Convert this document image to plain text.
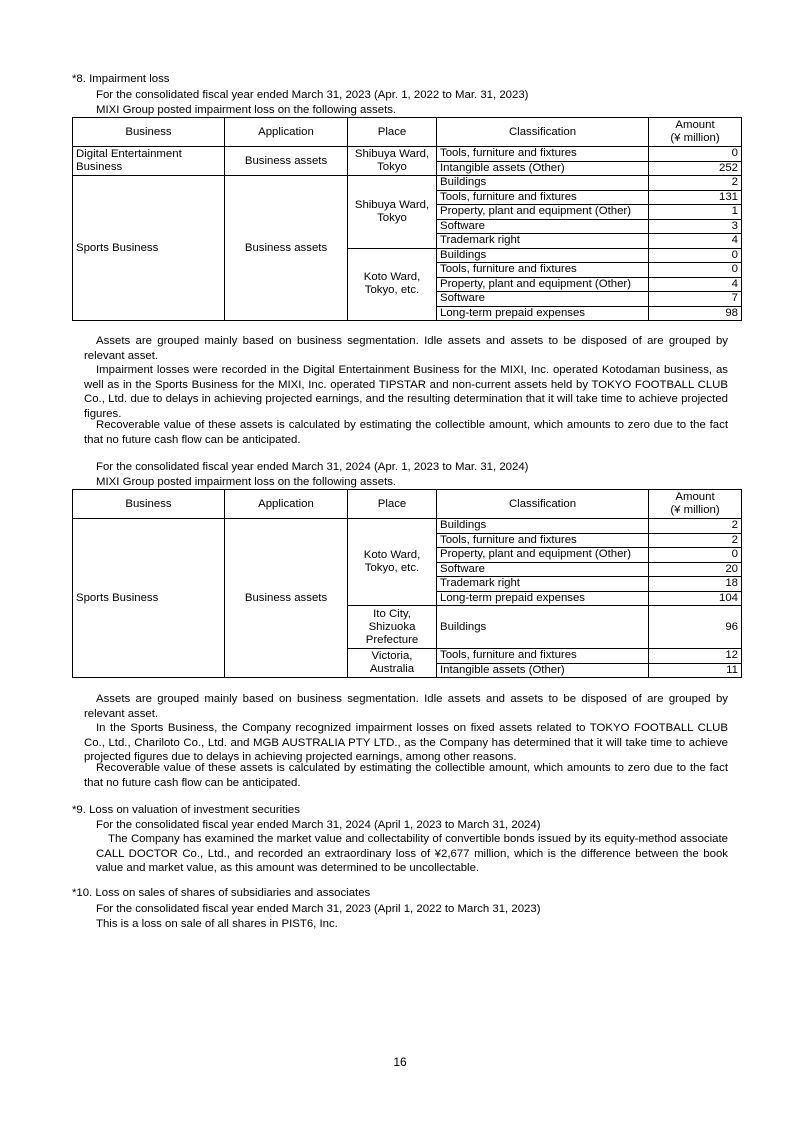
*8. Impairment loss
For the consolidated fiscal year ended March 31, 2023 (Apr. 1, 2022 to Mar. 31, 2023)
MIXI Group posted impairment loss on the following assets.
Business	Application	Place	Classification	Amount
(¥ million)
Digital Entertainment Business	Business assets	Shibuya Ward, Tokyo	Tools, furniture and fixtures	0
			Intangible assets (Other)	252
Sports Business	Business assets	Shibuya Ward, Tokyo	Buildings	2
			Tools, furniture and fixtures	131
			Property, plant and equipment (Other)	1
			Software	3
			Trademark right	4
		Koto Ward, Tokyo, etc.	Buildings	0
			Tools, furniture and fixtures	0
			Property, plant and equipment (Other)	4
			Software	7
			Long-term prepaid expenses	98
Assets are grouped mainly based on business segmentation. Idle assets and assets to be disposed of are grouped by relevant asset.
Impairment losses were recorded in the Digital Entertainment Business for the MIXI, Inc. operated Kotodaman business, as well as in the Sports Business for the MIXI, Inc. operated TIPSTAR and non-current assets held by TOKYO FOOTBALL CLUB Co., Ltd. due to delays in achieving projected earnings, and the resulting determination that it will take time to achieve projected figures.
Recoverable value of these assets is calculated by estimating the collectible amount, which amounts to zero due to the fact that no future cash flow can be anticipated.
For the consolidated fiscal year ended March 31, 2024 (Apr. 1, 2023 to Mar. 31, 2024)
MIXI Group posted impairment loss on the following assets.
Business	Application	Place	Classification	Amount
(¥ million)
Sports Business	Business assets	Koto Ward, Tokyo, etc.	Buildings	2
			Tools, furniture and fixtures	2
			Property, plant and equipment (Other)	0
			Software	20
			Trademark right	18
			Long-term prepaid expenses	104
		Ito City, Shizuoka Prefecture	Buildings	96
		Victoria, Australia	Tools, furniture and fixtures	12
			Intangible assets (Other)	11
Assets are grouped mainly based on business segmentation. Idle assets and assets to be disposed of are grouped by relevant asset.
In the Sports Business, the Company recognized impairment losses on fixed assets related to TOKYO FOOTBALL CLUB Co., Ltd., Chariloto Co., Ltd. and MGB AUSTRALIA PTY LTD., as the Company has determined that it will take time to achieve projected figures due to delays in achieving projected earnings, among other reasons.
Recoverable value of these assets is calculated by estimating the collectible amount, which amounts to zero due to the fact that no future cash flow can be anticipated.
*9. Loss on valuation of investment securities
For the consolidated fiscal year ended March 31, 2024 (April 1, 2023 to March 31, 2024)
The Company has examined the market value and collectability of convertible bonds issued by its equity-method associate CALL DOCTOR Co., Ltd., and recorded an extraordinary loss of ¥2,677 million, which is the difference between the book value and market value, as this amount was determined to be uncollectable.
*10. Loss on sales of shares of subsidiaries and associates
For the consolidated fiscal year ended March 31, 2023 (April 1, 2022 to March 31, 2023)
This is a loss on sale of all shares in PIST6, Inc.
16
